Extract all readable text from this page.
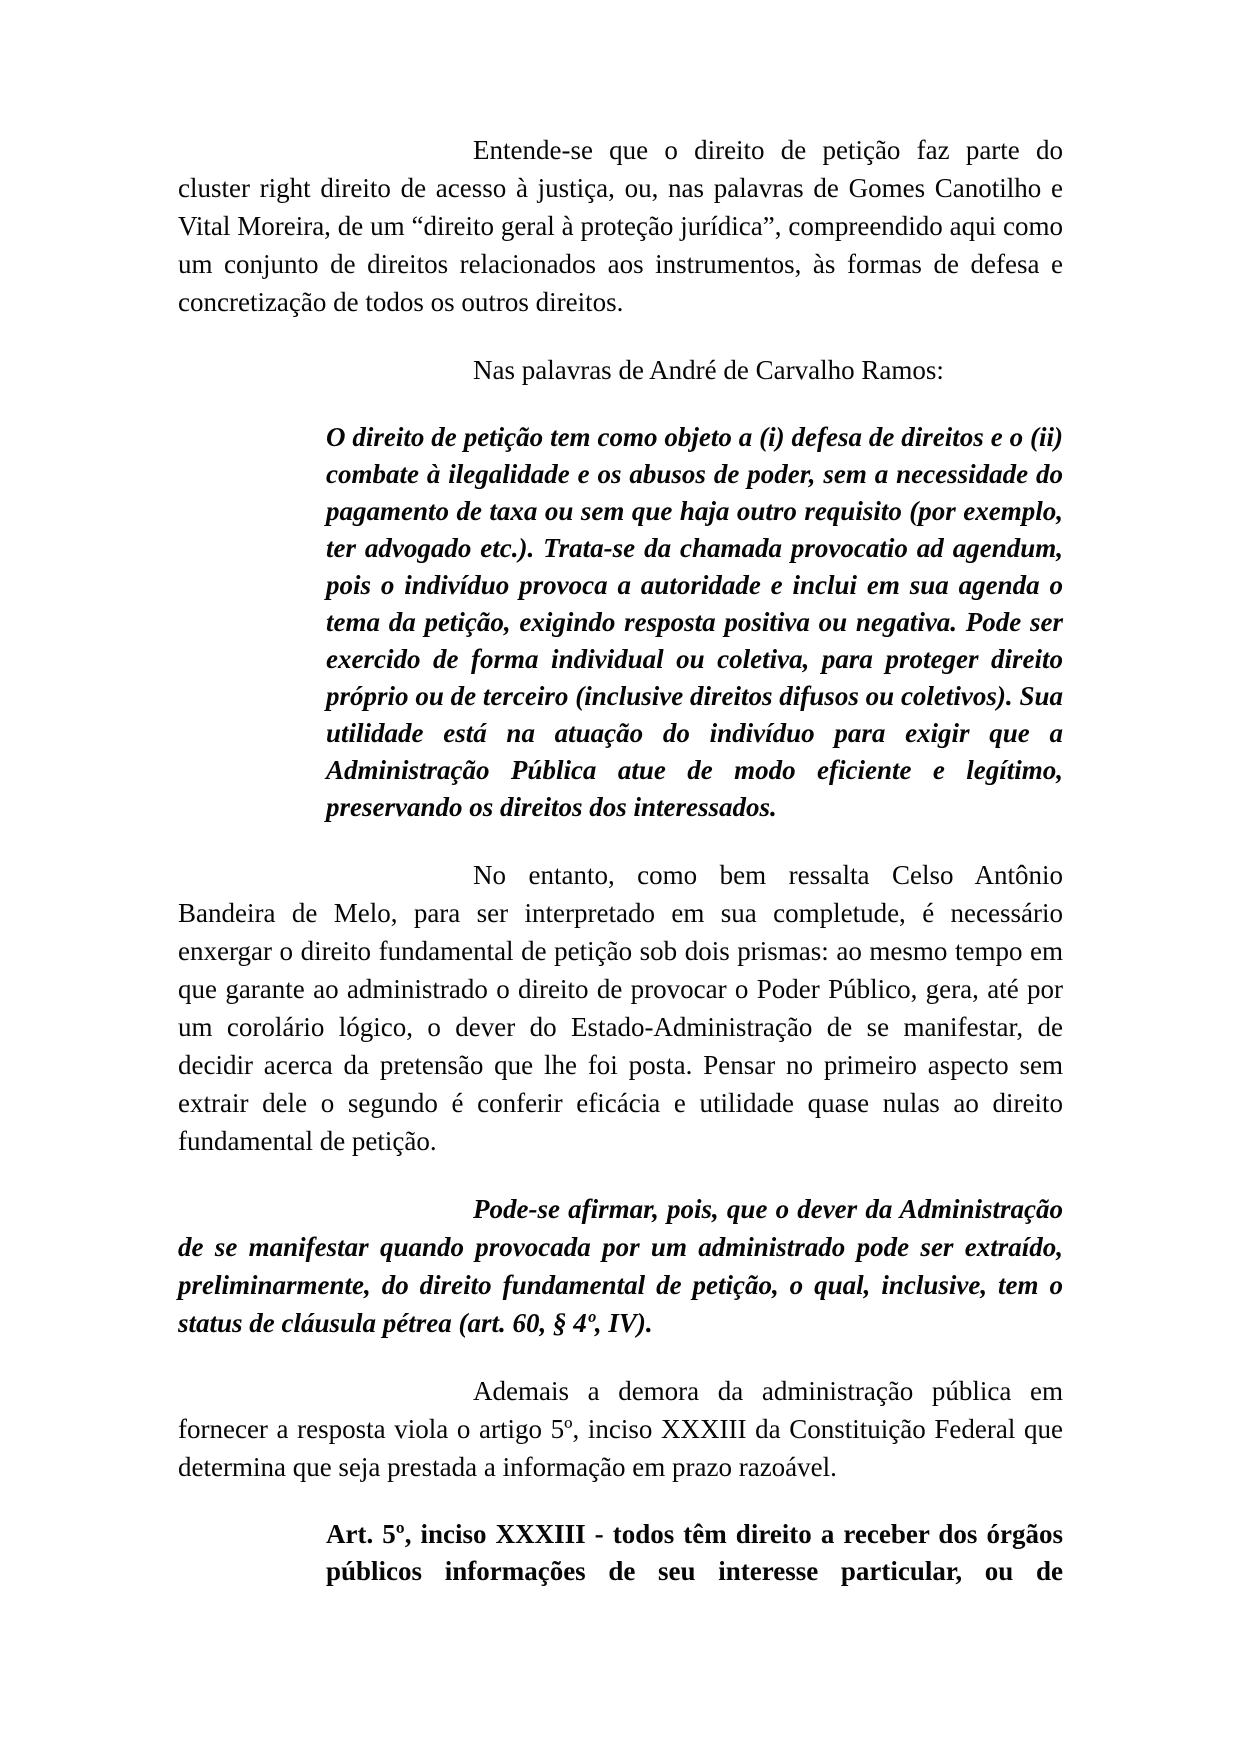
Entende-se que o direito de petição faz parte do cluster right direito de acesso à justiça, ou, nas palavras de Gomes Canotilho e Vital Moreira, de um “direito geral à proteção jurídica”, compreendido aqui como um conjunto de direitos relacionados aos instrumentos, às formas de defesa e concretização de todos os outros direitos.

Nas palavras de André de Carvalho Ramos:

O direito de petição tem como objeto a (i) defesa de direitos e o (ii) combate à ilegalidade e os abusos de poder, sem a necessidade do pagamento de taxa ou sem que haja outro requisito (por exemplo, ter advogado etc.). Trata-se da chamada provocatio ad agendum, pois o indivíduo provoca a autoridade e inclui em sua agenda o tema da petição, exigindo resposta positiva ou negativa. Pode ser exercido de forma individual ou coletiva, para proteger direito próprio ou de terceiro (inclusive direitos difusos ou coletivos). Sua utilidade está na atuação do indivíduo para exigir que a Administração Pública atue de modo eficiente e legítimo, preservando os direitos dos interessados.

No entanto, como bem ressalta Celso Antônio Bandeira de Melo, para ser interpretado em sua completude, é necessário enxergar o direito fundamental de petição sob dois prismas: ao mesmo tempo em que garante ao administrado o direito de provocar o Poder Público, gera, até por um corolário lógico, o dever do Estado-Administração de se manifestar, de decidir acerca da pretensão que lhe foi posta. Pensar no primeiro aspecto sem extrair dele o segundo é conferir eficácia e utilidade quase nulas ao direito fundamental de petição.

Pode-se afirmar, pois, que o dever da Administração de se manifestar quando provocada por um administrado pode ser extraído, preliminarmente, do direito fundamental de petição, o qual, inclusive, tem o status de cláusula pétrea (art. 60, § 4º, IV).

Ademais a demora da administração pública em fornecer a resposta viola o artigo 5º, inciso XXXIII da Constituição Federal que determina que seja prestada a informação em prazo razoável.

Art. 5º, inciso XXXIII - todos têm direito a receber dos órgãos públicos informações de seu interesse particular, ou de
